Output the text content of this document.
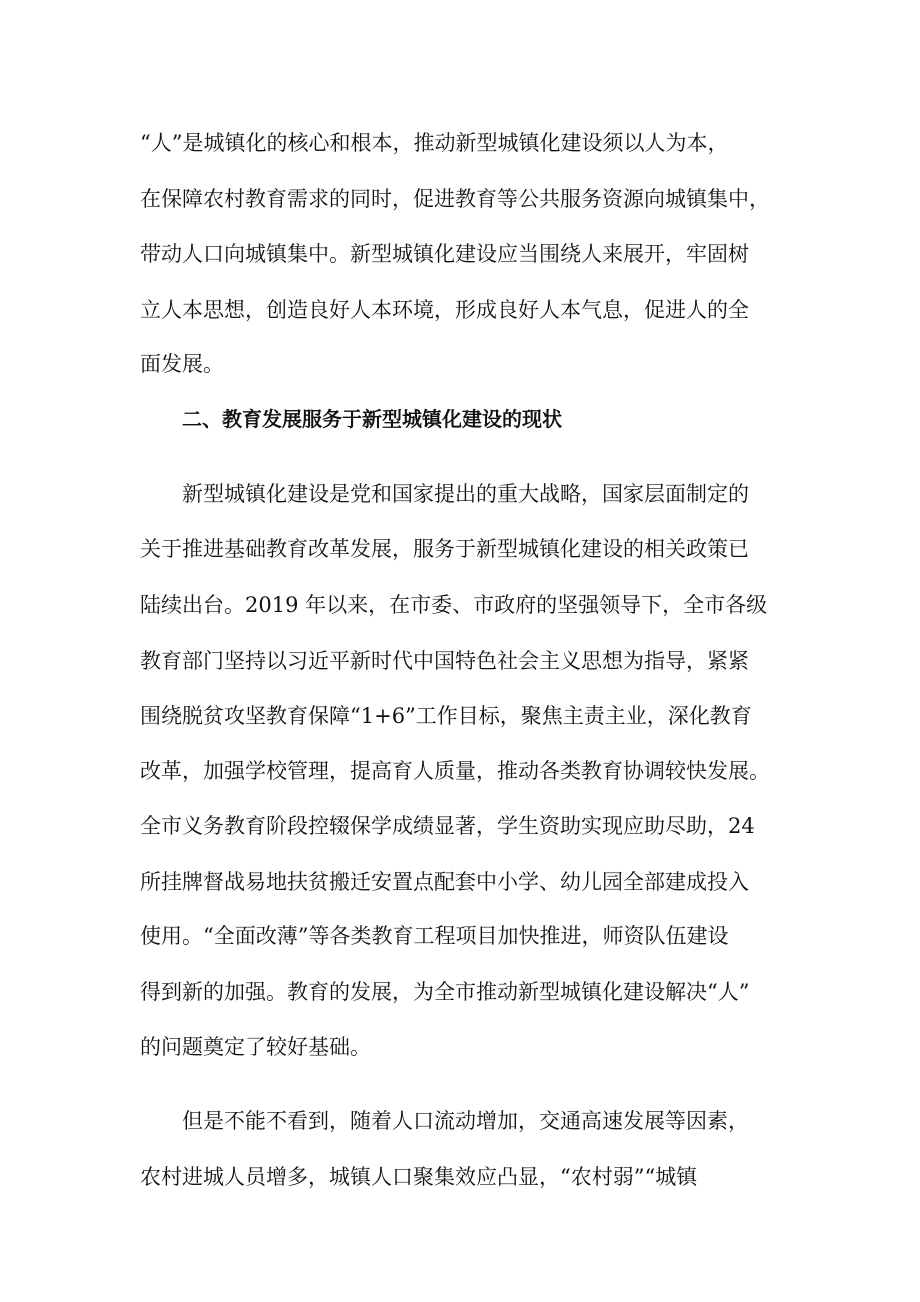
“人”是城镇化的核心和根本，推动新型城镇化建设须以人为本，
在保障农村教育需求的同时，促进教育等公共服务资源向城镇集中，
带动人口向城镇集中。新型城镇化建设应当围绕人来展开，牢固树
立人本思想，创造良好人本环境，形成良好人本气息，促进人的全
面发展。
二、教育发展服务于新型城镇化建设的现状
新型城镇化建设是党和国家提出的重大战略，国家层面制定的
关于推进基础教育改革发展，服务于新型城镇化建设的相关政策已
陆续出台。2019 年以来，在市委、市政府的坚强领导下，全市各级
教育部门坚持以习近平新时代中国特色社会主义思想为指导，紧紧
围绕脱贫攻坚教育保障“1+6”工作目标，聚焦主责主业，深化教育
改革，加强学校管理，提高育人质量，推动各类教育协调较快发展。
全市义务教育阶段控辍保学成绩显著，学生资助实现应助尽助，24
所挂牌督战易地扶贫搬迁安置点配套中小学、幼儿园全部建成投入
使用。“全面改薄”等各类教育工程项目加快推进，师资队伍建设
得到新的加强。教育的发展，为全市推动新型城镇化建设解决“人”
的问题奠定了较好基础。
但是不能不看到，随着人口流动增加，交通高速发展等因素，
农村进城人员增多，城镇人口聚集效应凸显，“农村弱”“城镇
